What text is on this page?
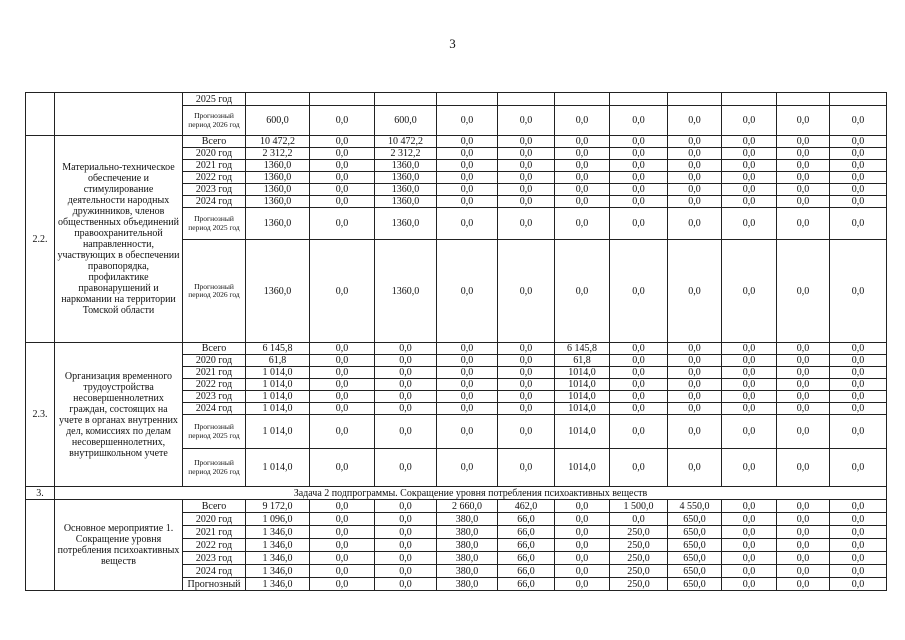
3
		2025 год												
		Прогнозный период 2026 год	600,0	0,0	600,0	0,0	0,0	0,0	0,0	0,0	0,0	0,0	0,0	
2.2.	Материально-техническое обеспечение и стимулирование деятельности народных дружинников, членов общественных объединений правоохранительной направленности, участвующих в обеспечении правопорядка, профилактике правонарушений и наркомании на территории Томской области	Всего	10 472,2	0,0	10 472,2	0,0	0,0	0,0	0,0	0,0	0,0	0,0	0,0	
		2020 год	2 312,2	0,0	2 312,2	0,0	0,0	0,0	0,0	0,0	0,0	0,0	0,0	
		2021 год	1360,0	0,0	1360,0	0,0	0,0	0,0	0,0	0,0	0,0	0,0	0,0	
		2022 год	1360,0	0,0	1360,0	0,0	0,0	0,0	0,0	0,0	0,0	0,0	0,0	
		2023 год	1360,0	0,0	1360,0	0,0	0,0	0,0	0,0	0,0	0,0	0,0	0,0	
		2024 год	1360,0	0,0	1360,0	0,0	0,0	0,0	0,0	0,0	0,0	0,0	0,0	
		Прогнозный период 2025 год	1360,0	0,0	1360,0	0,0	0,0	0,0	0,0	0,0	0,0	0,0	0,0	
		Прогнозный период 2026 год	1360,0	0,0	1360,0	0,0	0,0	0,0	0,0	0,0	0,0	0,0	0,0	
2.3.	Организация временного трудоустройства несовершеннолетних граждан, состоящих на учете в органах внутренних дел, комиссиях по делам несовершеннолетних, внутришкольном учете	Всего	6 145,8	0,0	0,0	0,0	0,0	6 145,8	0,0	0,0	0,0	0,0	0,0	
		2020 год	61,8	0,0	0,0	0,0	0,0	61,8	0,0	0,0	0,0	0,0	0,0	
		2021 год	1 014,0	0,0	0,0	0,0	0,0	1014,0	0,0	0,0	0,0	0,0	0,0	
		2022 год	1 014,0	0,0	0,0	0,0	0,0	1014,0	0,0	0,0	0,0	0,0	0,0	
		2023 год	1 014,0	0,0	0,0	0,0	0,0	1014,0	0,0	0,0	0,0	0,0	0,0	
		2024 год	1 014,0	0,0	0,0	0,0	0,0	1014,0	0,0	0,0	0,0	0,0	0,0	
		Прогнозный период 2025 год	1 014,0	0,0	0,0	0,0	0,0	1014,0	0,0	0,0	0,0	0,0	0,0	
		Прогнозный период 2026 год	1 014,0	0,0	0,0	0,0	0,0	1014,0	0,0	0,0	0,0	0,0	0,0	
3.	Задача 2 подпрограммы. Сокращение уровня потребления психоактивных веществ													
	Основное мероприятие 1. Сокращение уровня потребления психоактивных веществ	Всего	9 172,0	0,0	0,0	2 660,0	462,0	0,0	1 500,0	4 550,0	0,0	0,0	0,0	
		2020 год	1 096,0	0,0	0,0	380,0	66,0	0,0	0,0	650,0	0,0	0,0	0,0	
		2021 год	1 346,0	0,0	0,0	380,0	66,0	0,0	250,0	650,0	0,0	0,0	0,0	
		2022 год	1 346,0	0,0	0,0	380,0	66,0	0,0	250,0	650,0	0,0	0,0	0,0	
		2023 год	1 346,0	0,0	0,0	380,0	66,0	0,0	250,0	650,0	0,0	0,0	0,0	
		2024 год	1 346,0	0,0	0,0	380,0	66,0	0,0	250,0	650,0	0,0	0,0	0,0	
		Прогнозный	1 346,0	0,0	0,0	380,0	66,0	0,0	250,0	650,0	0,0	0,0	0,0	
